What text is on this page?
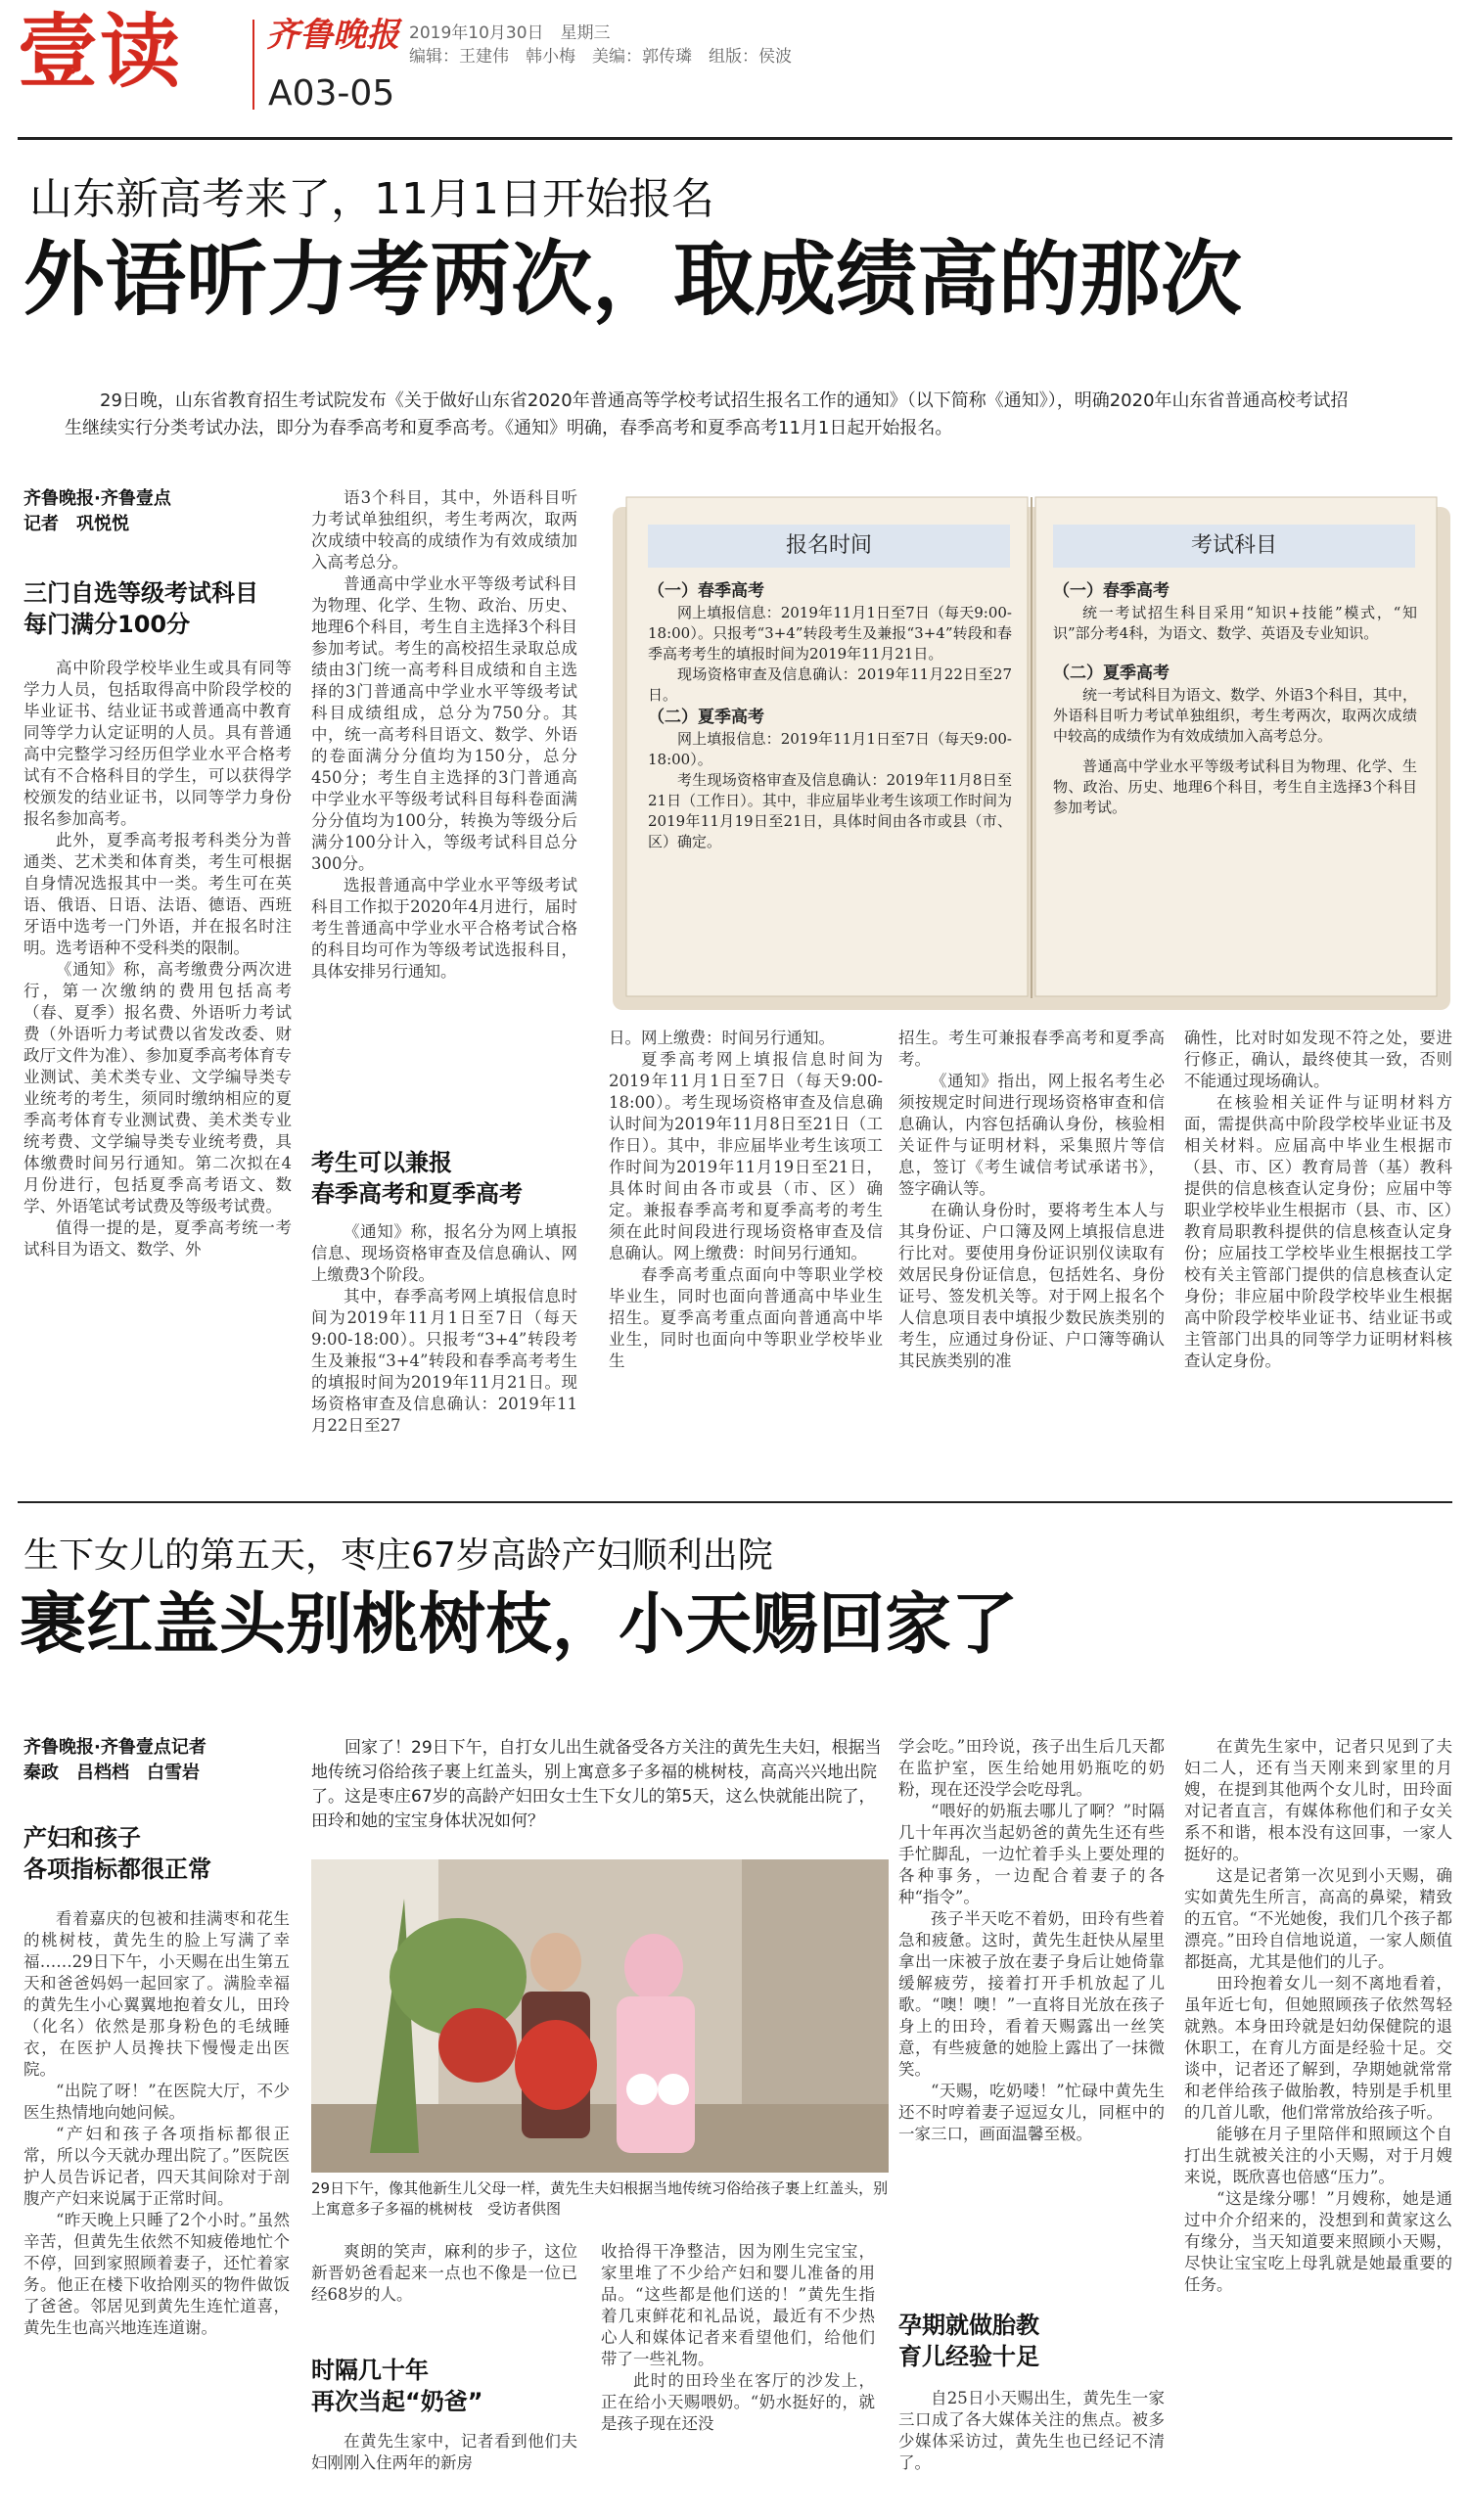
壹读	齐鲁晚报
A03-05
2019年10月30日　星期三
编辑：王建伟　韩小梅　美编：郭传璘　组版：侯波
山东新高考来了，11月1日开始报名
外语听力考两次，取成绩高的那次
29日晚，山东省教育招生考试院发布《关于做好山东省2020年普通高等学校考试招生报名工作的通知》（以下简称《通知》），明确2020年山东省普通高校考试招生继续实行分类考试办法，即分为春季高考和夏季高考。《通知》明确，春季高考和夏季高考11月1日起开始报名。
齐鲁晚报·齐鲁壹点
记者　巩悦悦
三门自选等级考试科目
每门满分100分

高中阶段学校毕业生或具有同等学力人员，包括取得高中阶段学校的毕业证书、结业证书或普通高中教育同等学力认定证明的人员。具有普通高中完整学习经历但学业水平合格考试有不合格科目的学生，可以获得学校颁发的结业证书，以同等学力身份报名参加高考。

此外，夏季高考报考科类分为普通类、艺术类和体育类，考生可根据自身情况选报其中一类。考生可在英语、俄语、日语、法语、德语、西班牙语中选考一门外语，并在报名时注明。选考语种不受科类的限制。

《通知》称，高考缴费分两次进行，第一次缴纳的费用包括高考（春、夏季）报名费、外语听力考试费（外语听力考试费以省发改委、财政厅文件为准）、参加夏季高考体育专业测试、美术类专业、文学编导类专业统考的考生，须同时缴纳相应的夏季高考体育专业测试费、美术类专业统考费、文学编导类专业统考费，具体缴费时间另行通知。第二次拟在4月份进行，包括夏季高考语文、数学、外语笔试考试费及等级考试费。

值得一提的是，夏季高考统一考试科目为语文、数学、外

语3个科目，其中，外语科目听力考试单独组织，考生考两次，取两次成绩中较高的成绩作为有效成绩加入高考总分。

普通高中学业水平等级考试科目为物理、化学、生物、政治、历史、地理6个科目，考生自主选择3个科目参加考试。考生的高校招生录取总成绩由3门统一高考科目成绩和自主选择的3门普通高中学业水平等级考试科目成绩组成，总分为750分。其中，统一高考科目语文、数学、外语的卷面满分分值均为150分，总分450分；考生自主选择的3门普通高中学业水平等级考试科目每科卷面满分分值均为100分，转换为等级分后满分100分计入，等级考试科目总分300分。

选报普通高中学业水平等级考试科目工作拟于2020年4月进行，届时考生普通高中学业水平合格考试合格的科目均可作为等级考试选报科目，具体安排另行通知。

考生可以兼报
春季高考和夏季高考

《通知》称，报名分为网上填报信息、现场资格审查及信息确认、网上缴费3个阶段。

其中，春季高考网上填报信息时间为2019年11月1日至7日（每天9:00-18:00）。只报考“3+4”转段考生及兼报“3+4”转段和春季高考考生的填报时间为2019年11月21日。现场资格审查及信息确认：2019年11月22日至27

报名时间	考试科目

（一）春季高考

网上填报信息：2019年11月1日至7日（每天9:00-18:00）。只报考“3+4”转段考生及兼报“3+4”转段和春季高考考生的填报时间为2019年11月21日。

现场资格审查及信息确认：2019年11月22日至27日。

（二）夏季高考

网上填报信息：2019年11月1日至7日（每天9:00-18:00）。

考生现场资格审查及信息确认：2019年11月8日至21日（工作日）。其中，非应届毕业考生该项工作时间为2019年11月19日至21日，具体时间由各市或县（市、区）确定。

（一）春季高考

统一考试招生科目采用“知识+技能”模式，“知识”部分考4科，为语文、数学、英语及专业知识。

（二）夏季高考

统一考试科目为语文、数学、外语3个科目，其中，外语科目听力考试单独组织，考生考两次，取两次成绩中较高的成绩作为有效成绩加入高考总分。

普通高中学业水平等级考试科目为物理、化学、生物、政治、历史、地理6个科目，考生自主选择3个科目参加考试。

日。网上缴费：时间另行通知。

夏季高考网上填报信息时间为2019年11月1日至7日（每天9:00-18:00）。考生现场资格审查及信息确认时间为2019年11月8日至21日（工作日）。其中，非应届毕业考生该项工作时间为2019年11月19日至21日，具体时间由各市或县（市、区）确定。兼报春季高考和夏季高考的考生须在此时间段进行现场资格审查及信息确认。网上缴费：时间另行通知。

春季高考重点面向中等职业学校毕业生，同时也面向普通高中毕业生招生。夏季高考重点面向普通高中毕业生，同时也面向中等职业学校毕业生

招生。考生可兼报春季高考和夏季高考。

《通知》指出，网上报名考生必须按规定时间进行现场资格审查和信息确认，内容包括确认身份，核验相关证件与证明材料，采集照片等信息，签订《考生诚信考试承诺书》，签字确认等。

在确认身份时，要将考生本人与其身份证、户口簿及网上填报信息进行比对。要使用身份证识别仪读取有效居民身份证信息，包括姓名、身份证号、签发机关等。对于网上报名个人信息项目表中填报少数民族类别的考生，应通过身份证、户口簿等确认其民族类别的准

确性，比对时如发现不符之处，要进行修正，确认，最终使其一致，否则不能通过现场确认。

在核验相关证件与证明材料方面，需提供高中阶段学校毕业证书及相关材料。应届高中毕业生根据市（县、市、区）教育局普（基）教科提供的信息核查认定身份；应届中等职业学校毕业生根据市（县、市、区）教育局职教科提供的信息核查认定身份；应届技工学校毕业生根据技工学校有关主管部门提供的信息核查认定身份；非应届中阶段学校毕业生根据高中阶段学校毕业证书、结业证书或主管部门出具的同等学力证明材料核查认定身份。

生下女儿的第五天，枣庄67岁高龄产妇顺利出院
裹红盖头别桃树枝，小天赐回家了
齐鲁晚报·齐鲁壹点记者
秦政　吕档档　白雪岩
产妇和孩子
各项指标都很正常

看着嘉庆的包被和挂满枣和花生的桃树枝，黄先生的脸上写满了幸福……29日下午，小天赐在出生第五天和爸爸妈妈一起回家了。满脸幸福的黄先生小心翼翼地抱着女儿，田玲（化名）依然是那身粉色的毛绒睡衣，在医护人员搀扶下慢慢走出医院。

“出院了呀！”在医院大厅，不少医生热情地向她问候。

“产妇和孩子各项指标都很正常，所以今天就办理出院了。”医院医护人员告诉记者，四天其间除对于剖腹产产妇来说属于正常时间。

“昨天晚上只睡了2个小时。”虽然辛苦，但黄先生依然不知疲倦地忙个不停，回到家照顾着妻子，还忙着家务。他正在楼下收拾刚买的物件做饭了爸爸。邻居见到黄先生连忙道喜，黄先生也高兴地连连道谢。

回家了！29日下午，自打女儿出生就备受各方关注的黄先生夫妇，根据当地传统习俗给孩子裹上红盖头，别上寓意多子多福的桃树枝，高高兴兴地出院了。这是枣庄67岁的高龄产妇田女士生下女儿的第5天，这么快就能出院了，田玲和她的宝宝身体状况如何？
29日下午，像其他新生儿父母一样，黄先生夫妇根据当地传统习俗给孩子裹上红盖头，别上寓意多子多福的桃树枝　受访者供图

爽朗的笑声，麻利的步子，这位新晋奶爸看起来一点也不像是一位已经68岁的人。

时隔几十年
再次当起“奶爸”

在黄先生家中，记者看到他们夫妇刚刚入住两年的新房

收拾得干净整洁，因为刚生完宝宝，家里堆了不少给产妇和婴儿准备的用品。“这些都是他们送的！”黄先生指着几束鲜花和礼品说，最近有不少热心人和媒体记者来看望他们，给他们带了一些礼物。

此时的田玲坐在客厅的沙发上，正在给小天赐喂奶。“奶水挺好的，就是孩子现在还没

学会吃。”田玲说，孩子出生后几天都在监护室，医生给她用奶瓶吃的奶粉，现在还没学会吃母乳。

“喂好的奶瓶去哪儿了啊？”时隔几十年再次当起奶爸的黄先生还有些手忙脚乱，一边忙着手头上要处理的各种事务，一边配合着妻子的各种“指令”。

孩子半天吃不着奶，田玲有些着急和疲惫。这时，黄先生赶快从屋里拿出一床被子放在妻子身后让她倚靠缓解疲劳，接着打开手机放起了儿歌。“噢！噢！”一直将目光放在孩子身上的田玲，看着天赐露出一丝笑意，有些疲惫的她脸上露出了一抹微笑。

“天赐，吃奶喽！”忙碌中黄先生还不时哼着妻子逗逗女儿，同框中的一家三口，画面温馨至极。

孕期就做胎教
育儿经验十足

自25日小天赐出生，黄先生一家三口成了各大媒体关注的焦点。被多少媒体采访过，黄先生也已经记不清了。

在黄先生家中，记者只见到了夫妇二人，还有当天刚来到家里的月嫂，在提到其他两个女儿时，田玲面对记者直言，有媒体称他们和子女关系不和谐，根本没有这回事，一家人挺好的。

这是记者第一次见到小天赐，确实如黄先生所言，高高的鼻梁，精致的五官。“不光她俊，我们几个孩子都漂亮。”田玲自信地说道，一家人颇值都挺高，尤其是他们的儿子。

田玲抱着女儿一刻不离地看着，虽年近七旬，但她照顾孩子依然驾轻就熟。本身田玲就是妇幼保健院的退休职工，在育儿方面是经验十足。交谈中，记者还了解到，孕期她就常常和老伴给孩子做胎教，特别是手机里的几首儿歌，他们常常放给孩子听。

能够在月子里陪伴和照顾这个自打出生就被关注的小天赐，对于月嫂来说，既欣喜也倍感“压力”。

“这是缘分哪！”月嫂称，她是通过中介介绍来的，没想到和黄家这么有缘分，当天知道要来照顾小天赐，尽快让宝宝吃上母乳就是她最重要的任务。
